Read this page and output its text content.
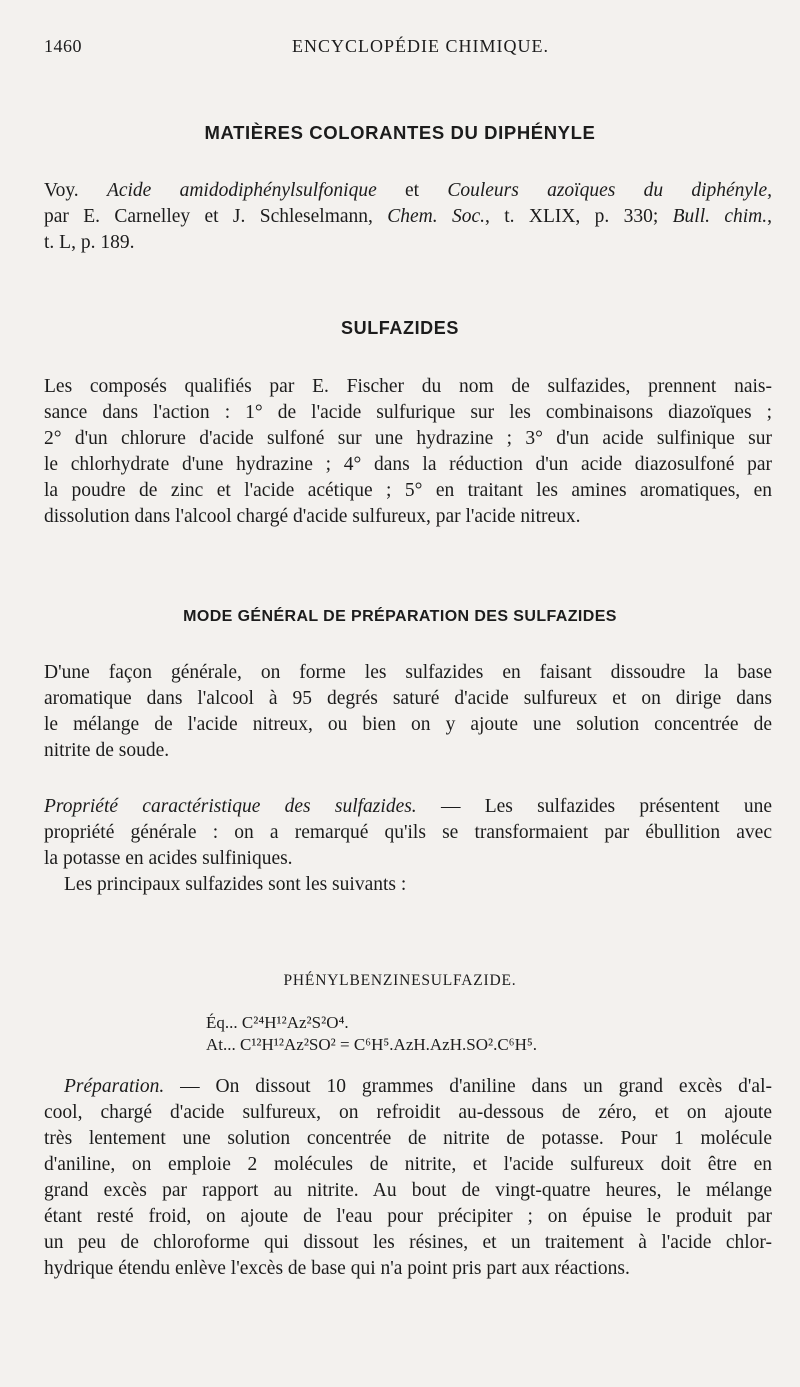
1460	ENCYCLOPÉDIE CHIMIQUE.
MATIÈRES COLORANTES DU DIPHÉNYLE
Voy. Acide amidodiphénylsulfonique et Couleurs azoïques du diphényle,
par E. Carnelley et J. Schleselmann, Chem. Soc., t. XLIX, p. 330; Bull. chim.,
t. L, p. 189.
SULFAZIDES
Les composés qualifiés par E. Fischer du nom de sulfazides, prennent nais-
sance dans l'action : 1° de l'acide sulfurique sur les combinaisons diazoïques ;
2° d'un chlorure d'acide sulfoné sur une hydrazine ; 3° d'un acide sulfinique sur
le chlorhydrate d'une hydrazine ; 4° dans la réduction d'un acide diazosulfoné par
la poudre de zinc et l'acide acétique ; 5° en traitant les amines aromatiques, en
dissolution dans l'alcool chargé d'acide sulfureux, par l'acide nitreux.
MODE GÉNÉRAL DE PRÉPARATION DES SULFAZIDES
D'une façon générale, on forme les sulfazides en faisant dissoudre la base
aromatique dans l'alcool à 95 degrés saturé d'acide sulfureux et on dirige dans
le mélange de l'acide nitreux, ou bien on y ajoute une solution concentrée de
nitrite de soude.
Propriété caractéristique des sulfazides. — Les sulfazides présentent une
propriété générale : on a remarqué qu'ils se transformaient par ébullition avec
la potasse en acides sulfiniques.
Les principaux sulfazides sont les suivants :
PHÉNYLBENZINESULFAZIDE.
Éq... C²⁴H¹²Az²S²O⁴.
At... C¹²H¹²Az²SO² = C⁶H⁵.AzH.AzH.SO².C⁶H⁵.
Préparation. — On dissout 10 grammes d'aniline dans un grand excès d'al-
cool, chargé d'acide sulfureux, on refroidit au-dessous de zéro, et on ajoute
très lentement une solution concentrée de nitrite de potasse. Pour 1 molécule
d'aniline, on emploie 2 molécules de nitrite, et l'acide sulfureux doit être en
grand excès par rapport au nitrite. Au bout de vingt-quatre heures, le mélange
étant resté froid, on ajoute de l'eau pour précipiter ; on épuise le produit par
un peu de chloroforme qui dissout les résines, et un traitement à l'acide chlor-
hydrique étendu enlève l'excès de base qui n'a point pris part aux réactions.
